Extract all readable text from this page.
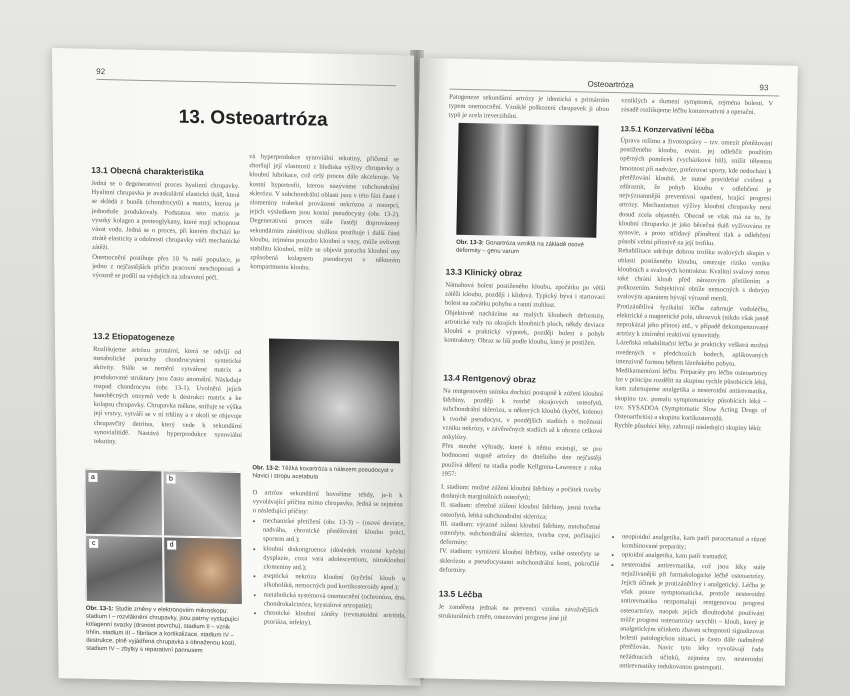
92
13. Osteoartróza
13.1 Obecná charakteristika
Jedná se o degenerativní proces hyalinní chrupavky. Hyalinní chrupavka je avaskulární elastická tkáň, která se skládá z buněk (chondrocytů) a matrix, kterou je jednoduše produkovaly. Podstatou této matrix je vysoký kolagen a proteoglykany, které mají schopnost vázat vodu. Jedná se o proces, při kterém dochází ke ztrátě elasticity a odolnosti chrupavky vůči mechanické zátěži.
Onemocnění postihuje přes 10 % naší populace, je jedno z nejčastějších příčin pracovní neschopnosti a výrazně se podílí na výdajích na zdravotní péči.
13.2 Etiopatogeneze
Rozlišujeme artrózu primární, která se odvíjí od metabolické poruchy chondrocytární syntetické aktivity. Stále se nemění vytvářené matrix a produkované struktury jsou často anomální. Následuje rozpad chondrocytu (obr. 13-1). Uvolnění jejich hanoběcných enzymů vede k destrukci matrix a ke kolapsu chrupavky. Chrupavka měkne, snižuje se výška její vrstvy, vytváří se v ní trhliny a v okolí se objevuje chrupavčitý detritus, který vede k sekundární synovialitidě. Nastává hyperprodukce synoviální tekutiny.
vá hyperprodukce synoviální tekutiny, přičemž se zhoršují její vlastnosti z hlediska výživy chrupavky a kloubní lubrikace, což celý proces dále akceleruje. Ve kostní hypertrofii, kterou nazýváme subchondrální sklerózu. V subchondrální oblasti jsou v této fázi časté i zlomeniny trabekul provázené nekrózou a resorpcí, jejich výsledkem jsou kostní pseudocysty (obr. 13-2). Degenerativní proces stále častěji doprovázený sekundárním zánětlivou složkou postihuje i další části kloubu, zejména pouzdro kloubní a vazy, může ovlivnit stabilitu kloubní, může se objevit porucha kloubní osy způsobená kolapsem pseudocyst v některém kompartmentu kloubu.
Obr. 13-2: Těžká koxartróza s nálezem pseudocyst v hlavici i stropu acetabula
a	b
c	d
Obr. 13-1: Studie změny v elektronovém mikroskopu: stadium I – rozvláknění chrupavky, jsou patrny vystupující kolagenní svazky (drsnost povrchu), stadium II – vznik trhlin, stadium III – fibrilace a kortikalizace, stadium IV – destrukce, plně vyjádřená chrupavka s obnaženou kostí, stadium IV – zbytky s reparativní pannusem
O artróze sekundární hovoříme tehdy, je-li k vyvolávající příčina mimo chrupavku. Jedná se zejména o následující příčiny:
• mechanické přetížení (obr. 13-3) – (osové deviace, nadváha, chronické přetěžování kloubu práci, sportem atd.);
• kloubní diskongruence (důsledek vrozené kyčelní dysplazie, coxa vara adolescentium, nitrokloubní zlomeniny atd.);
• aseptická nekróza kloubní (kyčelní kloub u alkoholiků, nemocných pod kortikosteroidy apod.);
• metabolická systémová onemocnění (ochronóza, dna, chondrokalcinóza, krystalové artropatie);
• chronické kloubní záněty (revmatoidní artritida, psoriáza, infekty).
Osteoartróza	93
Patogeneze sekundární artrózy je identická s primárním typem onemocnění. Vzniklé poškození chrupavek ji obou typů je zcela ireverzibilní.
Obr. 13-3: Gonartróza vzniklá na základě osové deformity – genu varum
13.3 Klinický obraz
Námahová bolest postiženého kloubu, zpočátku po větší zátěži kloubu, později i klidová. Typický bývá i startovací bolest na začátku pohybu a ranní ztuhlost.
Objektivně nacházíme na malých kloubech deformity, artrotické valy na okrajích kloubních ploch, někdy deviace kloubů a praktický výpotek, později bolest a pohyb kontraktury. Obraz se liší podle kloubu, který je postižen.
13.4 Rentgenový obraz
Na rentgenovém snímku dochází postupně k zúžení kloubní štěrbiny, později k tvorbě okrajových osteofytů, subchondrální sklerózu, u některých kloubů (kyčel, koleno) k tvorbě pseudocyst, v pozdějších stadiích s možností vzniku nekrózy, v závěrečných stadiích až k obrazu celkové ankylózy.
Přes mnohé výhrady, které k němu existují, se pro hodnocení stupně artrózy do dnešního dne nejčastěji používá dělení na stadia podle Kellgrena-Lawrence z roku 1957:
I. stadium: možné zúžení kloubní štěrbiny a počátek tvorby drobných marginálních osteofytů;
II. stadium: zřetelné zúžení kloubní štěrbiny, jasná tvorba osteofytů, lehká subchondrální skleróza;
III. stadium: výrazné zúžení kloubní štěrbiny, mnohočetné osteofyty, subchondrální skleróza, tvorba cyst, počínající deformity;
IV. stadium: vymizení kloubní štěrbiny, velké osteofyty se sklerózou a pseudocystami subchondrální kosti, pokročilé deformity.
13.5 Léčba
Je zaměřena jednak na prevenci vzniku závažnějších strukturálních změn, omezování progrese jiné již
vzniklých a tlumení symptomů, zejména bolesti. V zásadě rozlišujeme léčbu konzervativní a operační.
13.5.1 Konzervativní léčba
Úprava režimu a životosprávy – tzv. omezit přetěžování postiženého kloubu, event. jej odlehčit použitím opěrných pomůcek (vycházková hůl), snížit tělesnou hmotnost při nadváze, preferovat sporty, kde nedochází k přetěžování kloubů. Je nutné pravidelné cvičení a zdůraznit, že pohyb kloubu v odlehčení je nejvýznamnější preventivní opatření, hrající progresi artrózy. Mechanismus výživy kloubní chrupavky není dosud zcela objasněn. Obecně se však má za to, že kloubní chrupavka je jako běcečná tkáň vyživována ze synovie, a proto střídavý přimětení tlak a odlehčení působí velmi příznivě na její trofiku.
Rehabilitace udržuje dobrou trofiku svalových skupin v oblasti postiženého kloubu, omezuje riziko vzniku kloubních a svalových kontraktur. Kvalitní svalový tonus také chrání kloub před nárazovým přetížením a poškozením. Subjektivní obtíže nemocných s dobrým svalovým aparátem bývají výrazně menší.
Protizánětlivá fyzikální léčba zahrnuje vodoléčbu, elektrické a magnetické pole, ultrazvuk (nikdo však jasně neprokázal jeho přínos) atd., v případě dekompenzované artrózy k zmírnění reaktivní synovitidy.
Lázeňská rehabilitační léčba je prakticky veškerá možná uvedených v předchozích bodech, aplikovaných intenzivně formou během lázeňského pobytu.
Medikamentózní léčba. Preparáty pro léčbu osteoartrózy lze v principu rozdělit na skupinu rychle působících léků, kam zahrnujeme analgetika a nesteroidní antirevmatika, skupinu tzv. pomalu symptomaticky působících léků – tzv. SYSADOA (Symptomatic Slow Acting Drugs of Osteoarthritis) a skupinu kortikosteroidů.
Rychle působící léky, zahrnují následující skupiny léků:
• neopioidní analgetika, kam patří paracetamol a různé kombinované preparáty;
• opioidní analgetika, kam patří tramadol;
• nesteroidní antirevmatika, což jsou léky stále nejužívanější při farmakologické léčbě osteoartrózy. Jejich účinek je protizánětlivý i analgetický. Léčba je však pouze symptomatická, protože nesteroidní antirevmatika nezpomalují rentgenovou progresi osteoartrózy, naopak jejich dlouhodobé používání může progresi osteoartrózy urychlit – kloub, který je analgetickým účinkem zbaven schopnosti signalizovat bolestí patologickou situaci, je často dále nadměrně přetěžován. Navíc tyto léky vyvolávají řadu nežádoucích účinků, zejména tzv. nesteroidní antirevmatiky indukovanou gastropatii.
